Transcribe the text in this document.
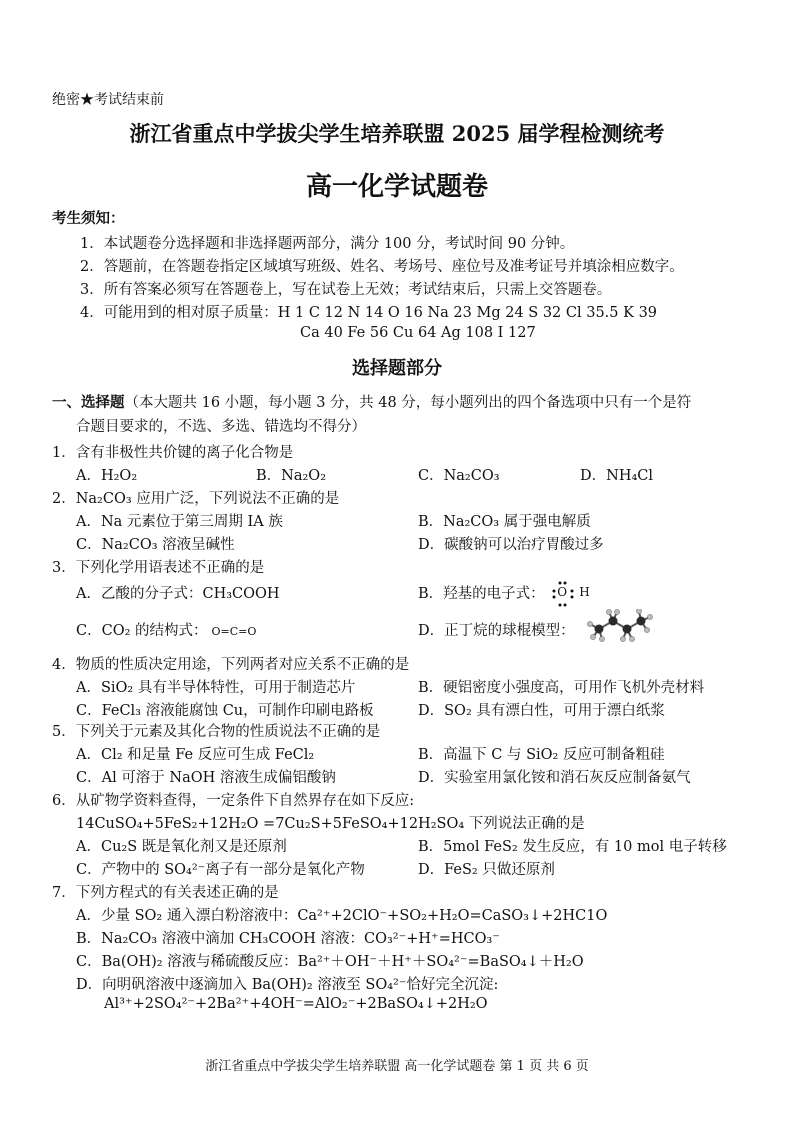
绝密★考试结束前
浙江省重点中学拔尖学生培养联盟 2025 届学程检测统考
高一化学试题卷
考生须知：
1．本试题卷分选择题和非选择题两部分，满分 100 分，考试时间 90 分钟。
2．答题前，在答题卷指定区域填写班级、姓名、考场号、座位号及准考证号并填涂相应数字。
3．所有答案必须写在答题卷上，写在试卷上无效；考试结束后，只需上交答题卷。
4．可能用到的相对原子质量：H 1 C 12 N 14 O 16 Na 23 Mg 24 S 32 Cl 35.5 K 39
Ca 40 Fe 56 Cu 64 Ag 108 I 127
选择题部分
一、选择题（本大题共 16 小题，每小题 3 分，共 48 分，每小题列出的四个备选项中只有一个是符
合题目要求的，不选、多选、错选均不得分）
1．含有非极性共价键的离子化合物是
A．H₂O₂	B．Na₂O₂	C．Na₂CO₃	D．NH₄Cl
2．Na₂CO₃ 应用广泛，下列说法不正确的是
A．Na 元素位于第三周期 IA 族	B．Na₂CO₃ 属于强电解质
C．Na₂CO₃ 溶液呈碱性	D．碳酸钠可以治疗胃酸过多
3．下列化学用语表述不正确的是
A．乙酸的分子式：CH₃COOH	B．羟基的电子式： O H
C．CO₂ 的结构式： O=C=O	D．正丁烷的球棍模型：
4．物质的性质决定用途，下列两者对应关系不正确的是
A．SiO₂ 具有半导体特性，可用于制造芯片	B．硬铝密度小强度高，可用作飞机外壳材料
C．FeCl₃ 溶液能腐蚀 Cu，可制作印刷电路板	D．SO₂ 具有漂白性，可用于漂白纸浆
5．下列关于元素及其化合物的性质说法不正确的是
A．Cl₂ 和足量 Fe 反应可生成 FeCl₂	B．高温下 C 与 SiO₂ 反应可制备粗硅
C．Al 可溶于 NaOH 溶液生成偏铝酸钠	D．实验室用氯化铵和消石灰反应制备氨气
6．从矿物学资料查得，一定条件下自然界存在如下反应:
14CuSO₄+5FeS₂+12H₂O =7Cu₂S+5FeSO₄+12H₂SO₄ 下列说法正确的是
A．Cu₂S 既是氧化剂又是还原剂	B．5mol FeS₂ 发生反应，有 10 mol 电子转移
C．产物中的 SO₄²⁻离子有一部分是氧化产物	D．FeS₂ 只做还原剂
7．下列方程式的有关表述正确的是
A．少量 SO₂ 通入漂白粉溶液中：Ca²⁺+2ClO⁻+SO₂+H₂O=CaSO₃↓+2HC1O
B．Na₂CO₃ 溶液中滴加 CH₃COOH 溶液：CO₃²⁻+H⁺=HCO₃⁻
C．Ba(OH)₂ 溶液与稀硫酸反应：Ba²⁺＋OH⁻＋H⁺＋SO₄²⁻=BaSO₄↓＋H₂O
D．向明矾溶液中逐滴加入 Ba(OH)₂ 溶液至 SO₄²⁻恰好完全沉淀:
Al³⁺+2SO₄²⁻+2Ba²⁺+4OH⁻=AlO₂⁻+2BaSO₄↓+2H₂O
浙江省重点中学拔尖学生培养联盟 高一化学试题卷 第 1 页 共 6 页
